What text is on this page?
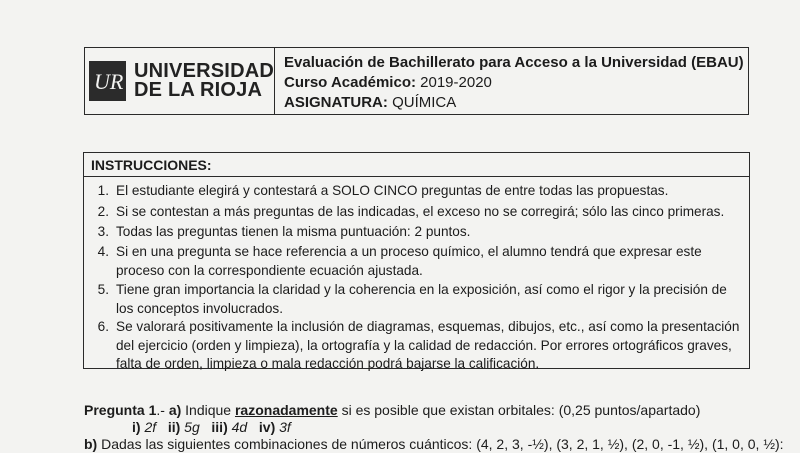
UR UNIVERSIDAD
DE LA RIOJA
Evaluación de Bachillerato para Acceso a la Universidad (EBAU)
Curso Académico: 2019-2020
ASIGNATURA: QUÍMICA
INSTRUCCIONES:
1. El estudiante elegirá y contestará a SOLO CINCO preguntas de entre todas las propuestas.
2. Si se contestan a más preguntas de las indicadas, el exceso no se corregirá; sólo las cinco primeras.
3. Todas las preguntas tienen la misma puntuación: 2 puntos.
4. Si en una pregunta se hace referencia a un proceso químico, el alumno tendrá que expresar este proceso con la correspondiente ecuación ajustada.
5. Tiene gran importancia la claridad y la coherencia en la exposición, así como el rigor y la precisión de los conceptos involucrados.
6. Se valorará positivamente la inclusión de diagramas, esquemas, dibujos, etc., así como la presentación del ejercicio (orden y limpieza), la ortografía y la calidad de redacción. Por errores ortográficos graves, falta de orden, limpieza o mala redacción podrá bajarse la calificación.
Pregunta 1.- a) Indique razonadamente si es posible que existan orbitales: (0,25 puntos/apartado)
i) 2f ii) 5g iii) 4d iv) 3f
b) Dadas las siguientes combinaciones de números cuánticos: (4, 2, 3, -½), (3, 2, 1, ½), (2, 0, -1, ½), (1, 0, 0, ½):
